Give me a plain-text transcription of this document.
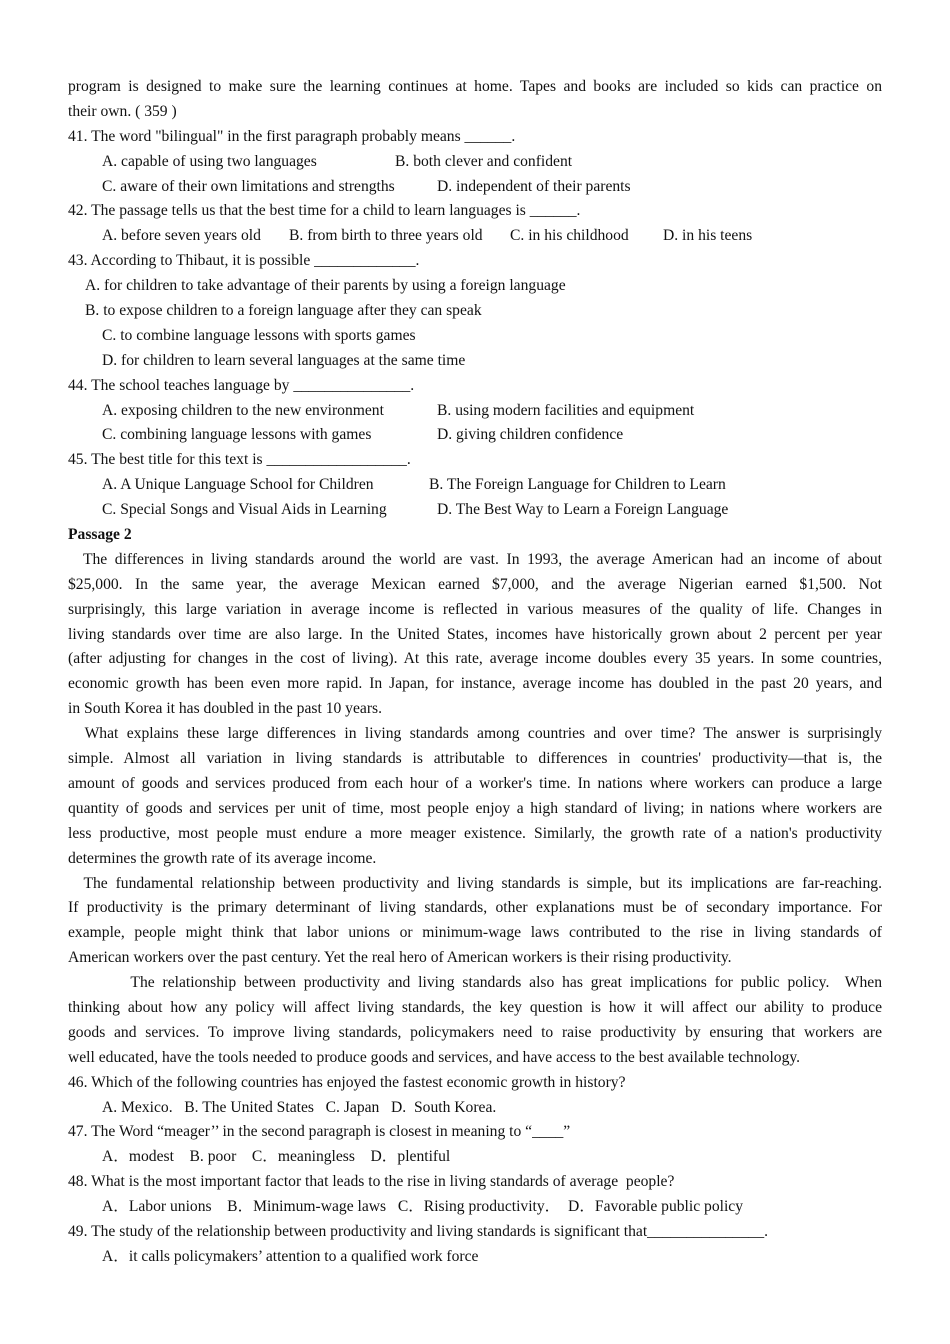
program is designed to make sure the learning continues at home. Tapes and books are included so kids can practice on
their own. ( 359 )
41. The word "bilingual" in the first paragraph probably means ______.
A. capable of using two languages	B. both clever and confident
C. aware of their own limitations and strengths	D. independent of their parents
42. The passage tells us that the best time for a child to learn languages is ______.
A. before seven years old B. from birth to three years old C. in his childhood D. in his teens
43. According to Thibaut, it is possible _____________.
A. for children to take advantage of their parents by using a foreign language
B. to expose children to a foreign language after they can speak
C. to combine language lessons with sports games
D. for children to learn several languages at the same time
44. The school teaches language by _______________.
A. exposing children to the new environment	B. using modern facilities and equipment
C. combining language lessons with games	D. giving children confidence
45. The best title for this text is __________________.
A. A Unique Language School for Children	B. The Foreign Language for Children to Learn
C. Special Songs and Visual Aids in Learning	D. The Best Way to Learn a Foreign Language
Passage 2
The differences in living standards around the world are vast. In 1993, the average American had an income of about
$25,000. In the same year, the average Mexican earned $7,000, and the average Nigerian earned $1,500. Not
surprisingly, this large variation in average income is reflected in various measures of the quality of life. Changes in
living standards over time are also large. In the United States, incomes have historically grown about 2 percent per year
(after adjusting for changes in the cost of living). At this rate, average income doubles every 35 years. In some countries,
economic growth has been even more rapid. In Japan, for instance, average income has doubled in the past 20 years, and
in South Korea it has doubled in the past 10 years.
What explains these large differences in living standards among countries and over time? The answer is surprisingly
simple. Almost all variation in living standards is attributable to differences in countries' productivity—that is, the
amount of goods and services produced from each hour of a worker's time. In nations where workers can produce a large
quantity of goods and services per unit of time, most people enjoy a high standard of living; in nations where workers are
less productive, most people must endure a more meager existence. Similarly, the growth rate of a nation's productivity
determines the growth rate of its average income.
The fundamental relationship between productivity and living standards is simple, but its implications are far-reaching.
If productivity is the primary determinant of living standards, other explanations must be of secondary importance. For
example, people might think that labor unions or minimum-wage laws contributed to the rise in living standards of
American workers over the past century. Yet the real hero of American workers is their rising productivity.
The relationship between productivity and living standards also has great implications for public policy.  When
thinking about how any policy will affect living standards, the key question is how it will affect our ability to produce
goods and services. To improve living standards, policymakers need to raise productivity by ensuring that workers are
well educated, have the tools needed to produce goods and services, and have access to the best available technology.
46. Which of the following countries has enjoyed the fastest economic growth in history?
A. Mexico.   B. The United States   C. Japan   D.  South Korea.
47. The Word “meager’’ in the second paragraph is closest in meaning to “____”
A．modest    B. poor    C．meaningless    D．plentiful
48. What is the most important factor that leads to the rise in living standards of average  people?
A．Labor unions    B．Minimum-wage laws   C．Rising productivity．  D．Favorable public policy
49. The study of the relationship between productivity and living standards is significant that_______________.
A．it calls policymakers’ attention to a qualified work force
